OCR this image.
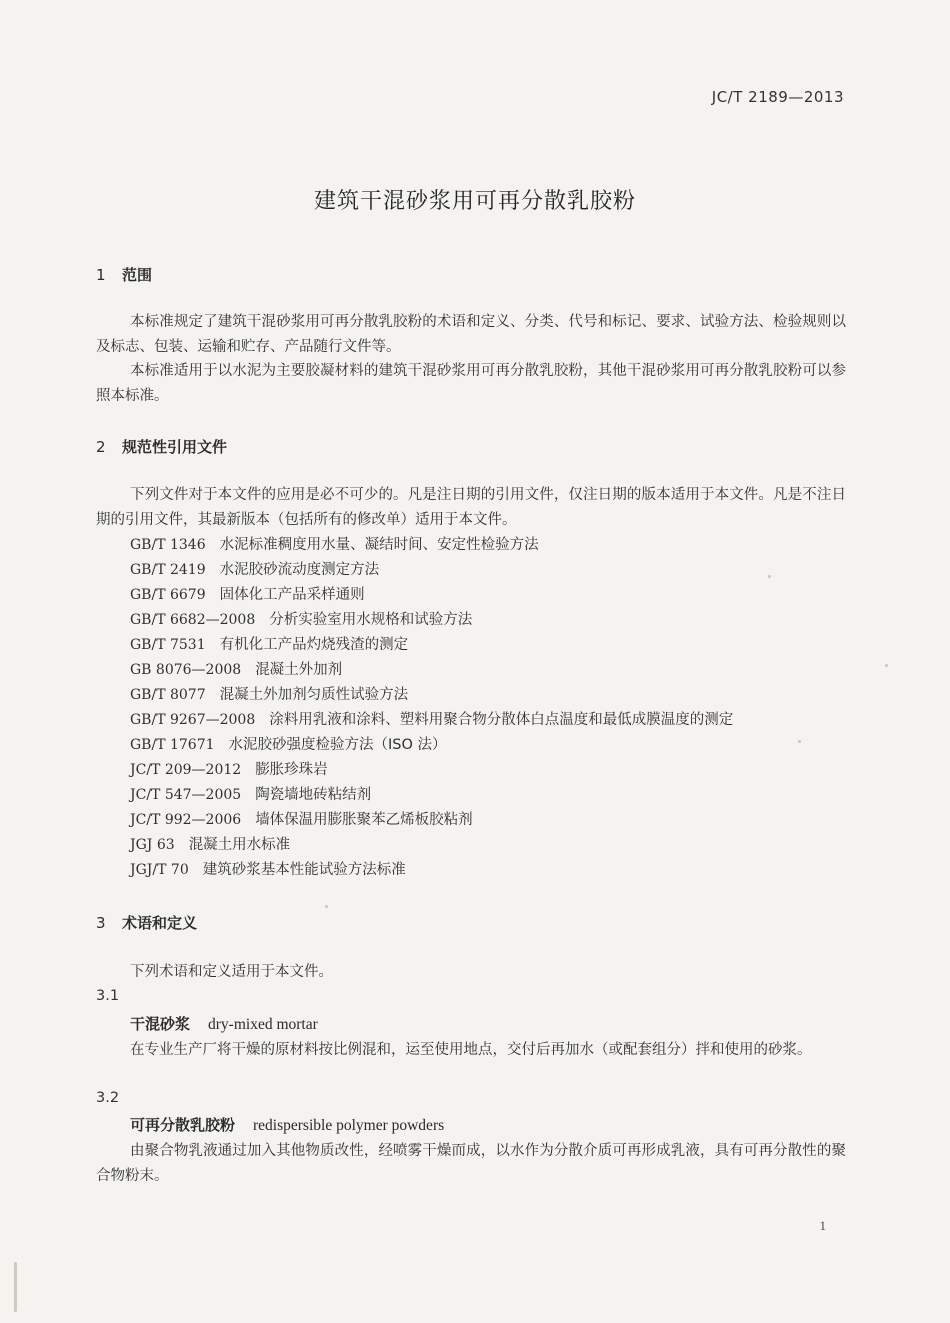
JC/T 2189—2013
建筑干混砂浆用可再分散乳胶粉
1 范围

本标准规定了建筑干混砂浆用可再分散乳胶粉的术语和定义、分类、代号和标记、要求、试验方法、检验规则以及标志、包装、运输和贮存、产品随行文件等。

本标准适用于以水泥为主要胶凝材料的建筑干混砂浆用可再分散乳胶粉，其他干混砂浆用可再分散乳胶粉可以参照本标准。

2 规范性引用文件

下列文件对于本文件的应用是必不可少的。凡是注日期的引用文件，仅注日期的版本适用于本文件。凡是不注日期的引用文件，其最新版本（包括所有的修改单）适用于本文件。

GB/T 1346 水泥标准稠度用水量、凝结时间、安定性检验方法
GB/T 2419 水泥胶砂流动度测定方法
GB/T 6679 固体化工产品采样通则
GB/T 6682—2008 分析实验室用水规格和试验方法
GB/T 7531 有机化工产品灼烧残渣的测定
GB 8076—2008 混凝土外加剂
GB/T 8077 混凝土外加剂匀质性试验方法
GB/T 9267—2008 涂料用乳液和涂料、塑料用聚合物分散体白点温度和最低成膜温度的测定
GB/T 17671 水泥胶砂强度检验方法（ISO 法）
JC/T 209—2012 膨胀珍珠岩
JC/T 547—2005 陶瓷墙地砖粘结剂
JC/T 992—2006 墙体保温用膨胀聚苯乙烯板胶粘剂
JGJ 63 混凝土用水标准
JGJ/T 70 建筑砂浆基本性能试验方法标准
3 术语和定义

下列术语和定义适用于本文件。

3.1
干混砂浆 dry-mixed mortar

在专业生产厂将干燥的原材料按比例混和，运至使用地点，交付后再加水（或配套组分）拌和使用的砂浆。

3.2
可再分散乳胶粉 redispersible polymer powders

由聚合物乳液通过加入其他物质改性，经喷雾干燥而成，以水作为分散介质可再形成乳液，具有可再分散性的聚合物粉末。

1
